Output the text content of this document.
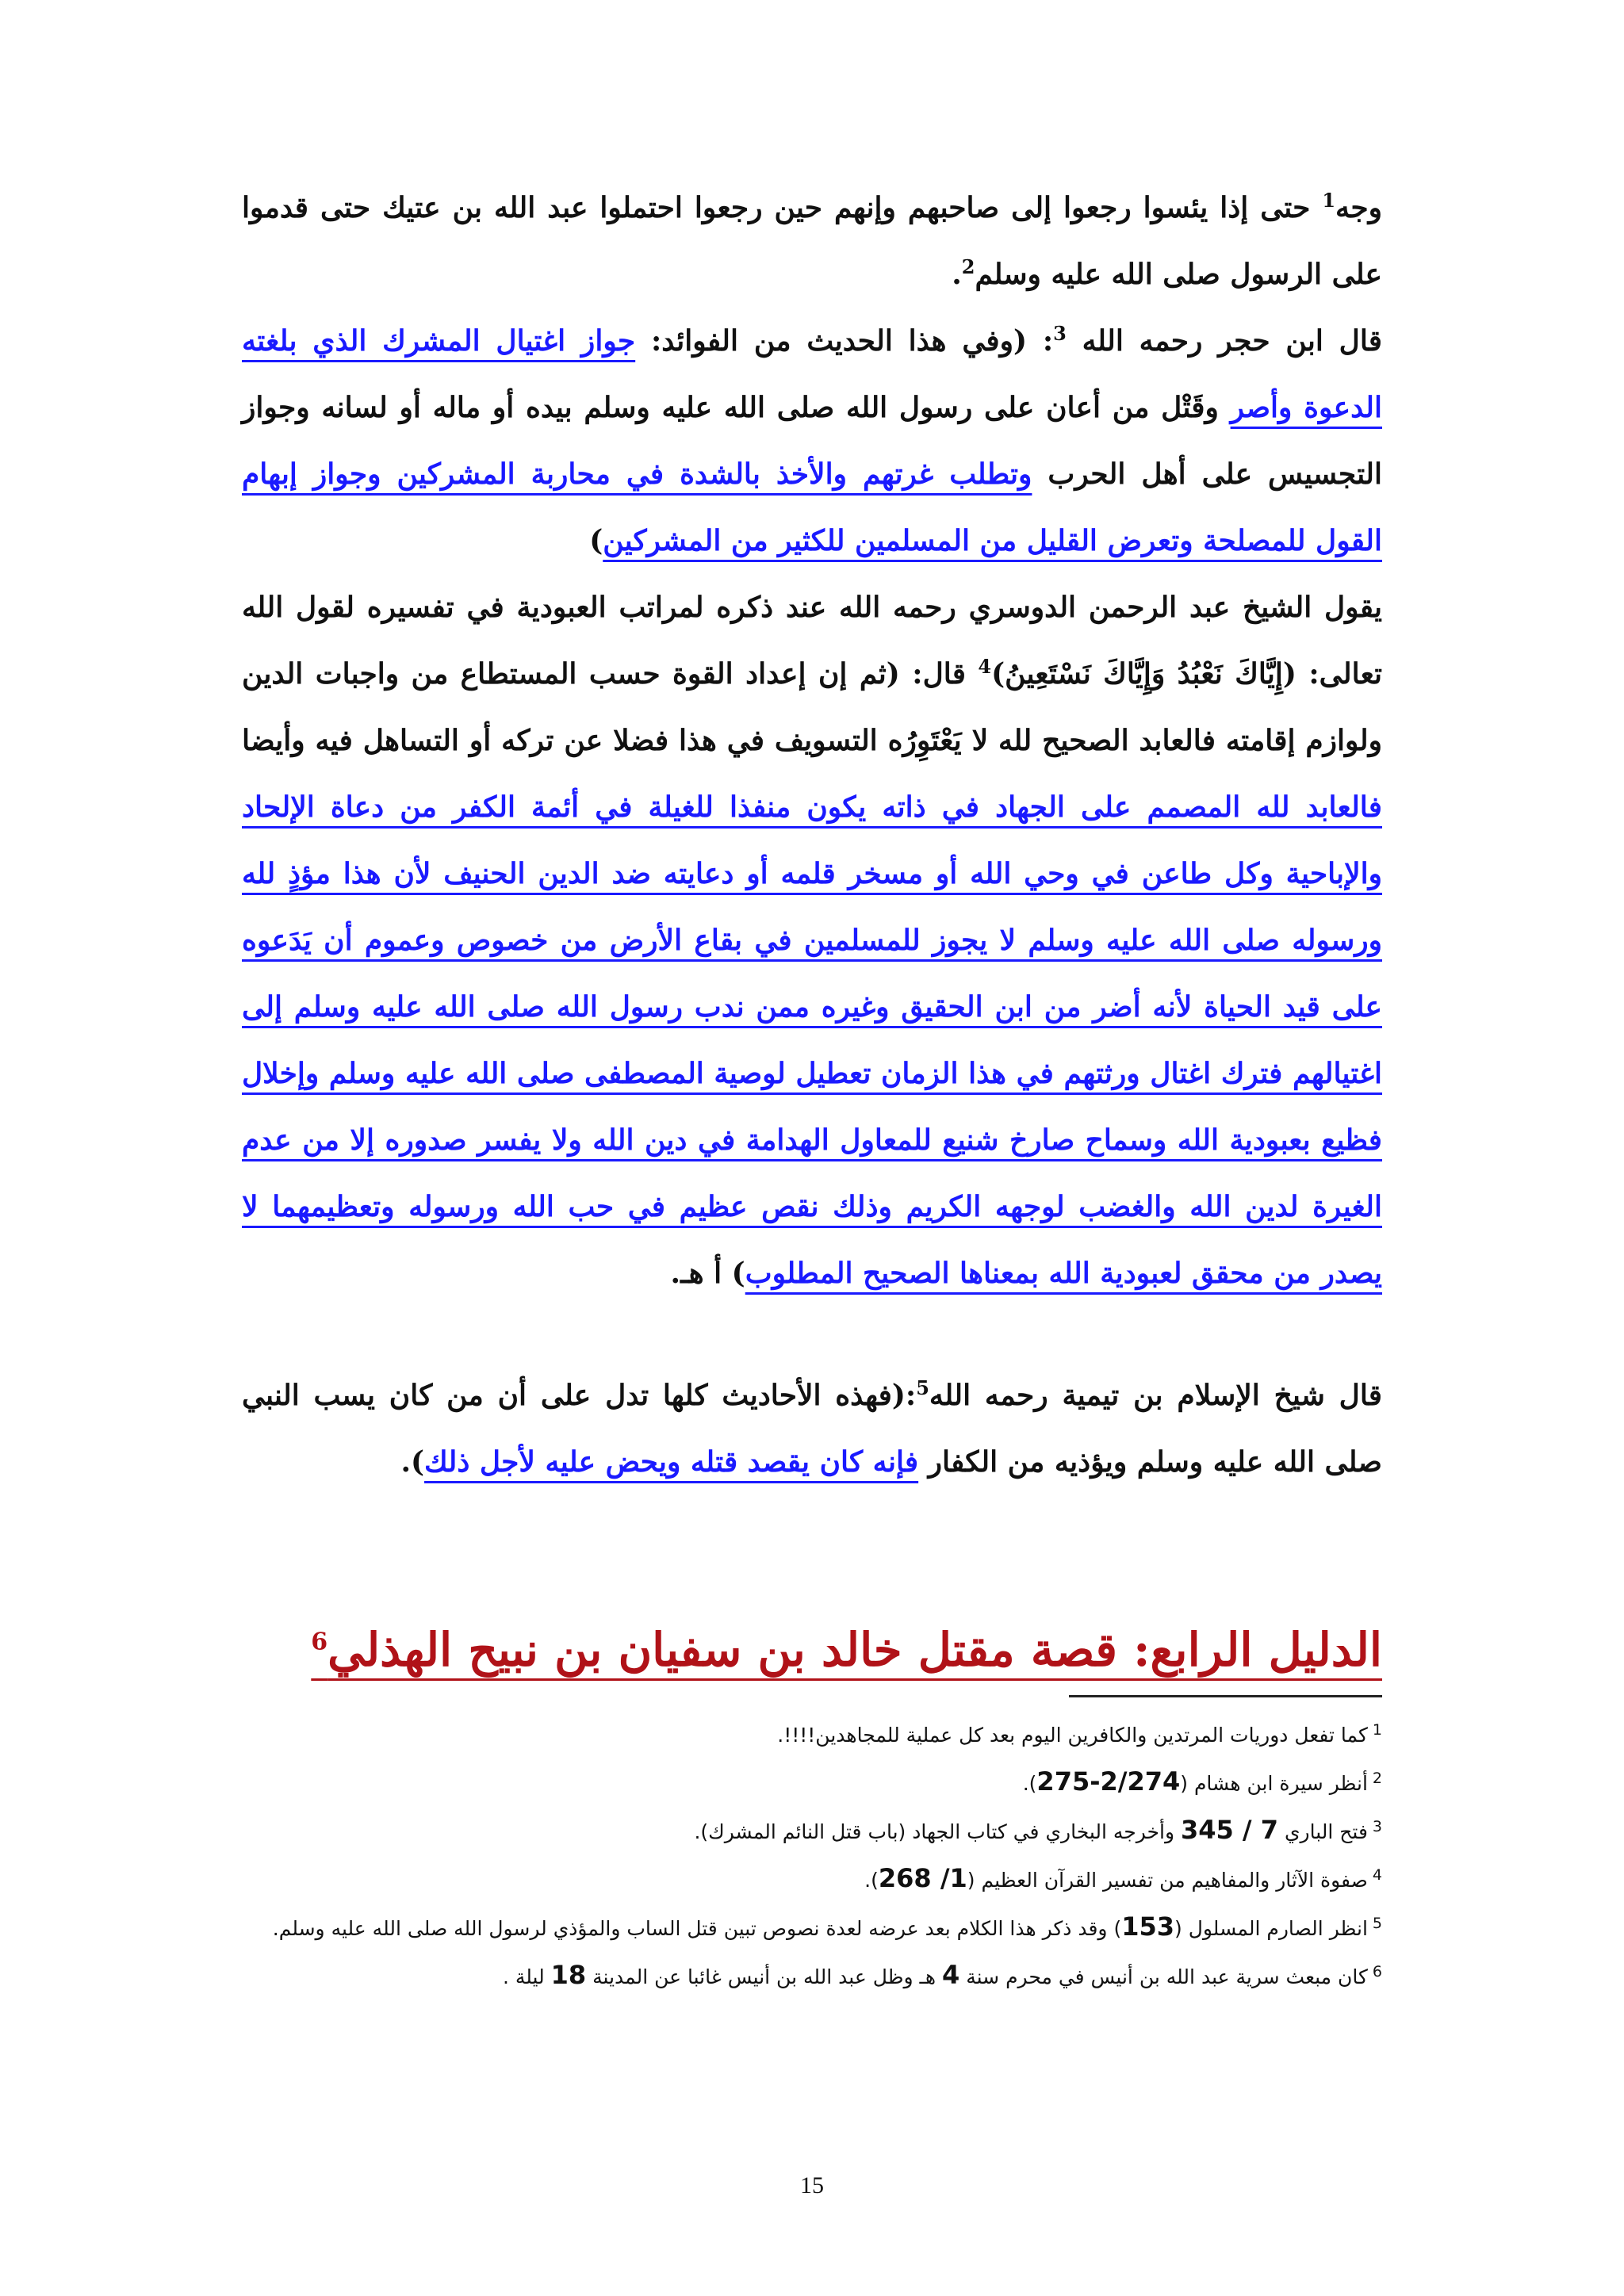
وجه$^1$ حتى إذا يئسوا رجعوا إلى صاحبهم وإنهم حين رجعوا احتملوا عبد الله بن عتيك حتى قدموا على الرسول صلى الله عليه وسلم$^2$.

قال ابن حجر رحمه الله $^3$: (وفي هذا الحديث من الفوائد: جواز اغتيال المشرك الذي بلغته الدعوة وأصر وقَتْل من أعان على رسول الله صلى الله عليه وسلم بيده أو ماله أو لسانه وجواز التجسيس على أهل الحرب وتطلب غرتهم والأخذ بالشدة في محاربة المشركين وجواز إبهام القول للمصلحة وتعرض القليل من المسلمين للكثير من المشركين)

يقول الشيخ عبد الرحمن الدوسري رحمه الله عند ذكره لمراتب العبودية في تفسيره لقول الله تعالى: (إِيَّاكَ نَعْبُدُ وَإِيَّاكَ نَسْتَعِينُ)$^4$ قال: (ثم إن إعداد القوة حسب المستطاع من واجبات الدين ولوازم إقامته فالعابد الصحيح لله لا يَعْتَوِرُه التسويف في هذا فضلا عن تركه أو التساهل فيه وأيضا فالعابد لله المصمم على الجهاد في ذاته يكون منفذا للغيلة في أئمة الكفر من دعاة الإلحاد والإباحية وكل طاعن في وحي الله أو مسخر قلمه أو دعايته ضد الدين الحنيف لأن هذا مؤذٍ لله ورسوله صلى الله عليه وسلم لا يجوز للمسلمين في بقاع الأرض من خصوص وعموم أن يَدَعوه على قيد الحياة لأنه أضر من ابن الحقيق وغيره ممن ندب رسول الله صلى الله عليه وسلم إلى اغتيالهم فترك اغتال ورثتهم في هذا الزمان تعطيل لوصية المصطفى صلى الله عليه وسلم وإخلال فظيع بعبودية الله وسماح صارخ شنيع للمعاول الهدامة في دين الله ولا يفسر صدوره إلا من عدم الغيرة لدين الله والغضب لوجهه الكريم وذلك نقص عظيم في حب الله ورسوله وتعظيمهما لا يصدر من محقق لعبودية الله بمعناها الصحيح المطلوب) أ هـ.

قال شيخ الإسلام بن تيمية رحمه الله$^5$:(فهذه الأحاديث كلها تدل على أن من كان يسب النبي صلى الله عليه وسلم ويؤذيه من الكفار فإنه كان يقصد قتله ويحض عليه لأجل ذلك).

الدليل الرابع: قصة مقتل خالد بن سفيان بن نبيح الهذلي$^6$

$^1$كما تفعل دوريات المرتدين والكافرين اليوم بعد كل عملية للمجاهدين!!!!.

$^2$أنظر سيرة ابن هشام (2/274-275).

$^3$فتح الباري 7 / 345 وأخرجه البخاري في كتاب الجهاد (باب قتل النائم المشرك).

$^4$صفوة الآثار والمفاهيم من تفسير القرآن العظيم (1/ 268).

$^5$انظر الصارم المسلول (153) وقد ذكر هذا الكلام بعد عرضه لعدة نصوص تبين قتل الساب والمؤذي لرسول الله صلى الله عليه وسلم.

$^6$كان مبعث سرية عبد الله بن أنيس في محرم سنة 4 هـ وظل عبد الله بن أنيس غائبا عن المدينة 18 ليلة .

15
